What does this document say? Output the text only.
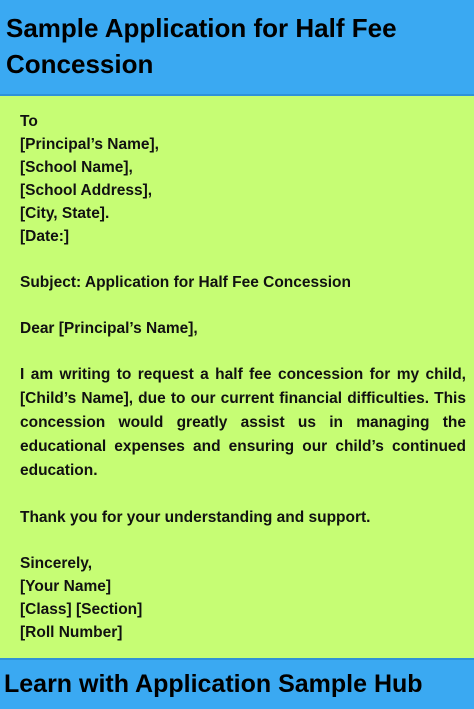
Sample Application for Half Fee Concession
To
[Principal’s Name],
[School Name],
[School Address],
[City, State].
[Date:]
Subject: Application for Half Fee Concession
Dear [Principal’s Name],

I am writing to request a half fee concession for my child, [Child’s Name], due to our current financial difficulties. This concession would greatly assist us in managing the educational expenses and ensuring our child’s continued education.

Thank you for your understanding and support.
Sincerely,
[Your Name]
[Class] [Section]
[Roll Number]

Learn with Application Sample Hub
